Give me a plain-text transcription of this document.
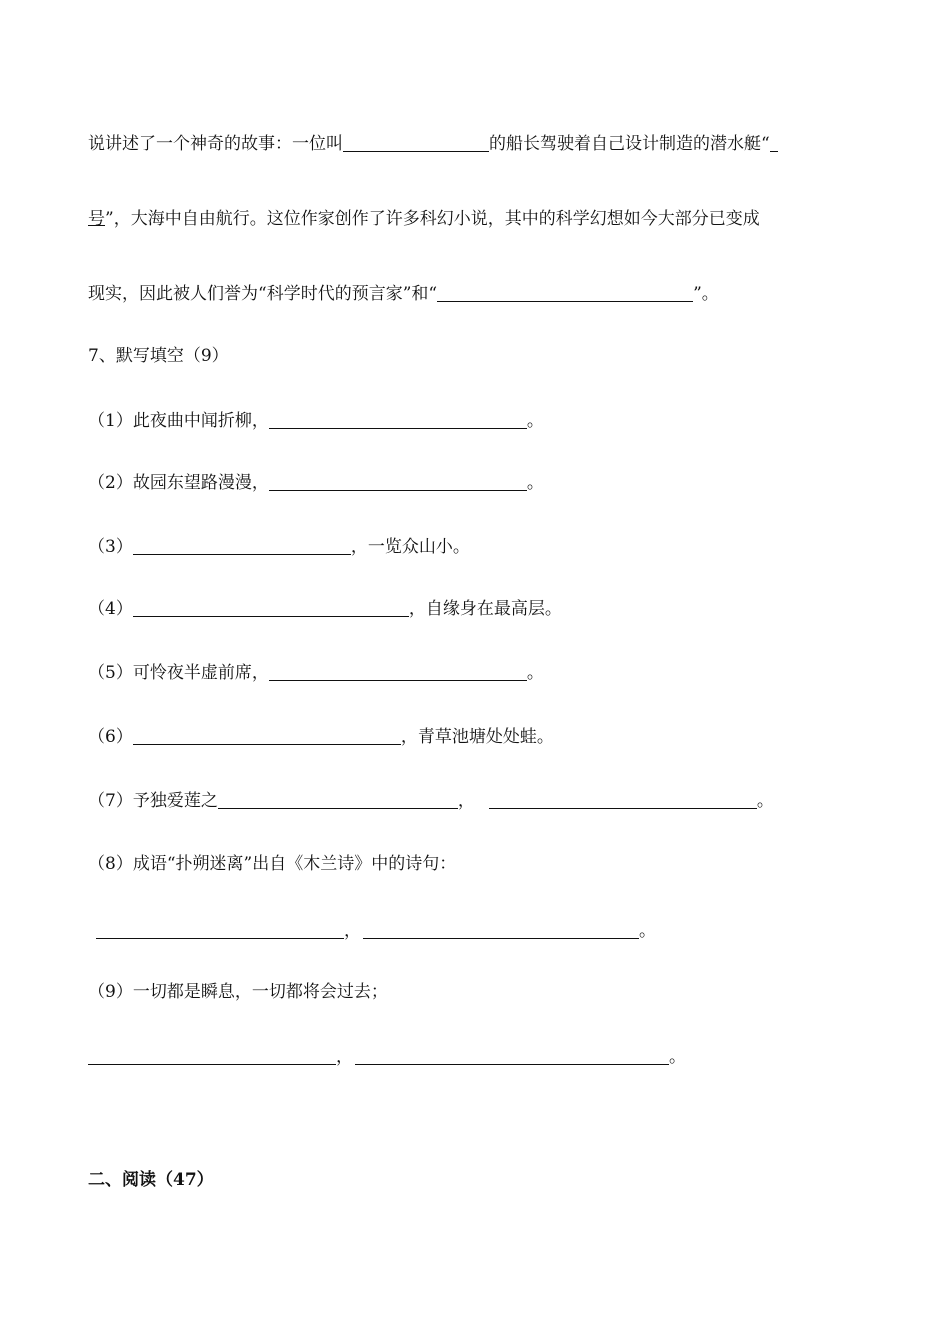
说讲述了一个神奇的故事：一位叫	的船长驾驶着自己设计制造的潜水艇“
号”，大海中自由航行。这位作家创作了许多科幻小说，其中的科学幻想如今大部分已变成
现实，因此被人们誉为“科学时代的预言家”和“	”。
7、默写填空（9）
（1）此夜曲中闻折柳，	。
（2）故园东望路漫漫，	。
（3）	，一览众山小。
（4）	，自缘身在最高层。
（5）可怜夜半虚前席，	。
（6）	，青草池塘处处蛙。
（7）予独爱莲之	，	。
（8）成语“扑朔迷离”出自《木兰诗》中的诗句：
，	。
（9）一切都是瞬息，一切都将会过去；
，	。
二、阅读（47）
